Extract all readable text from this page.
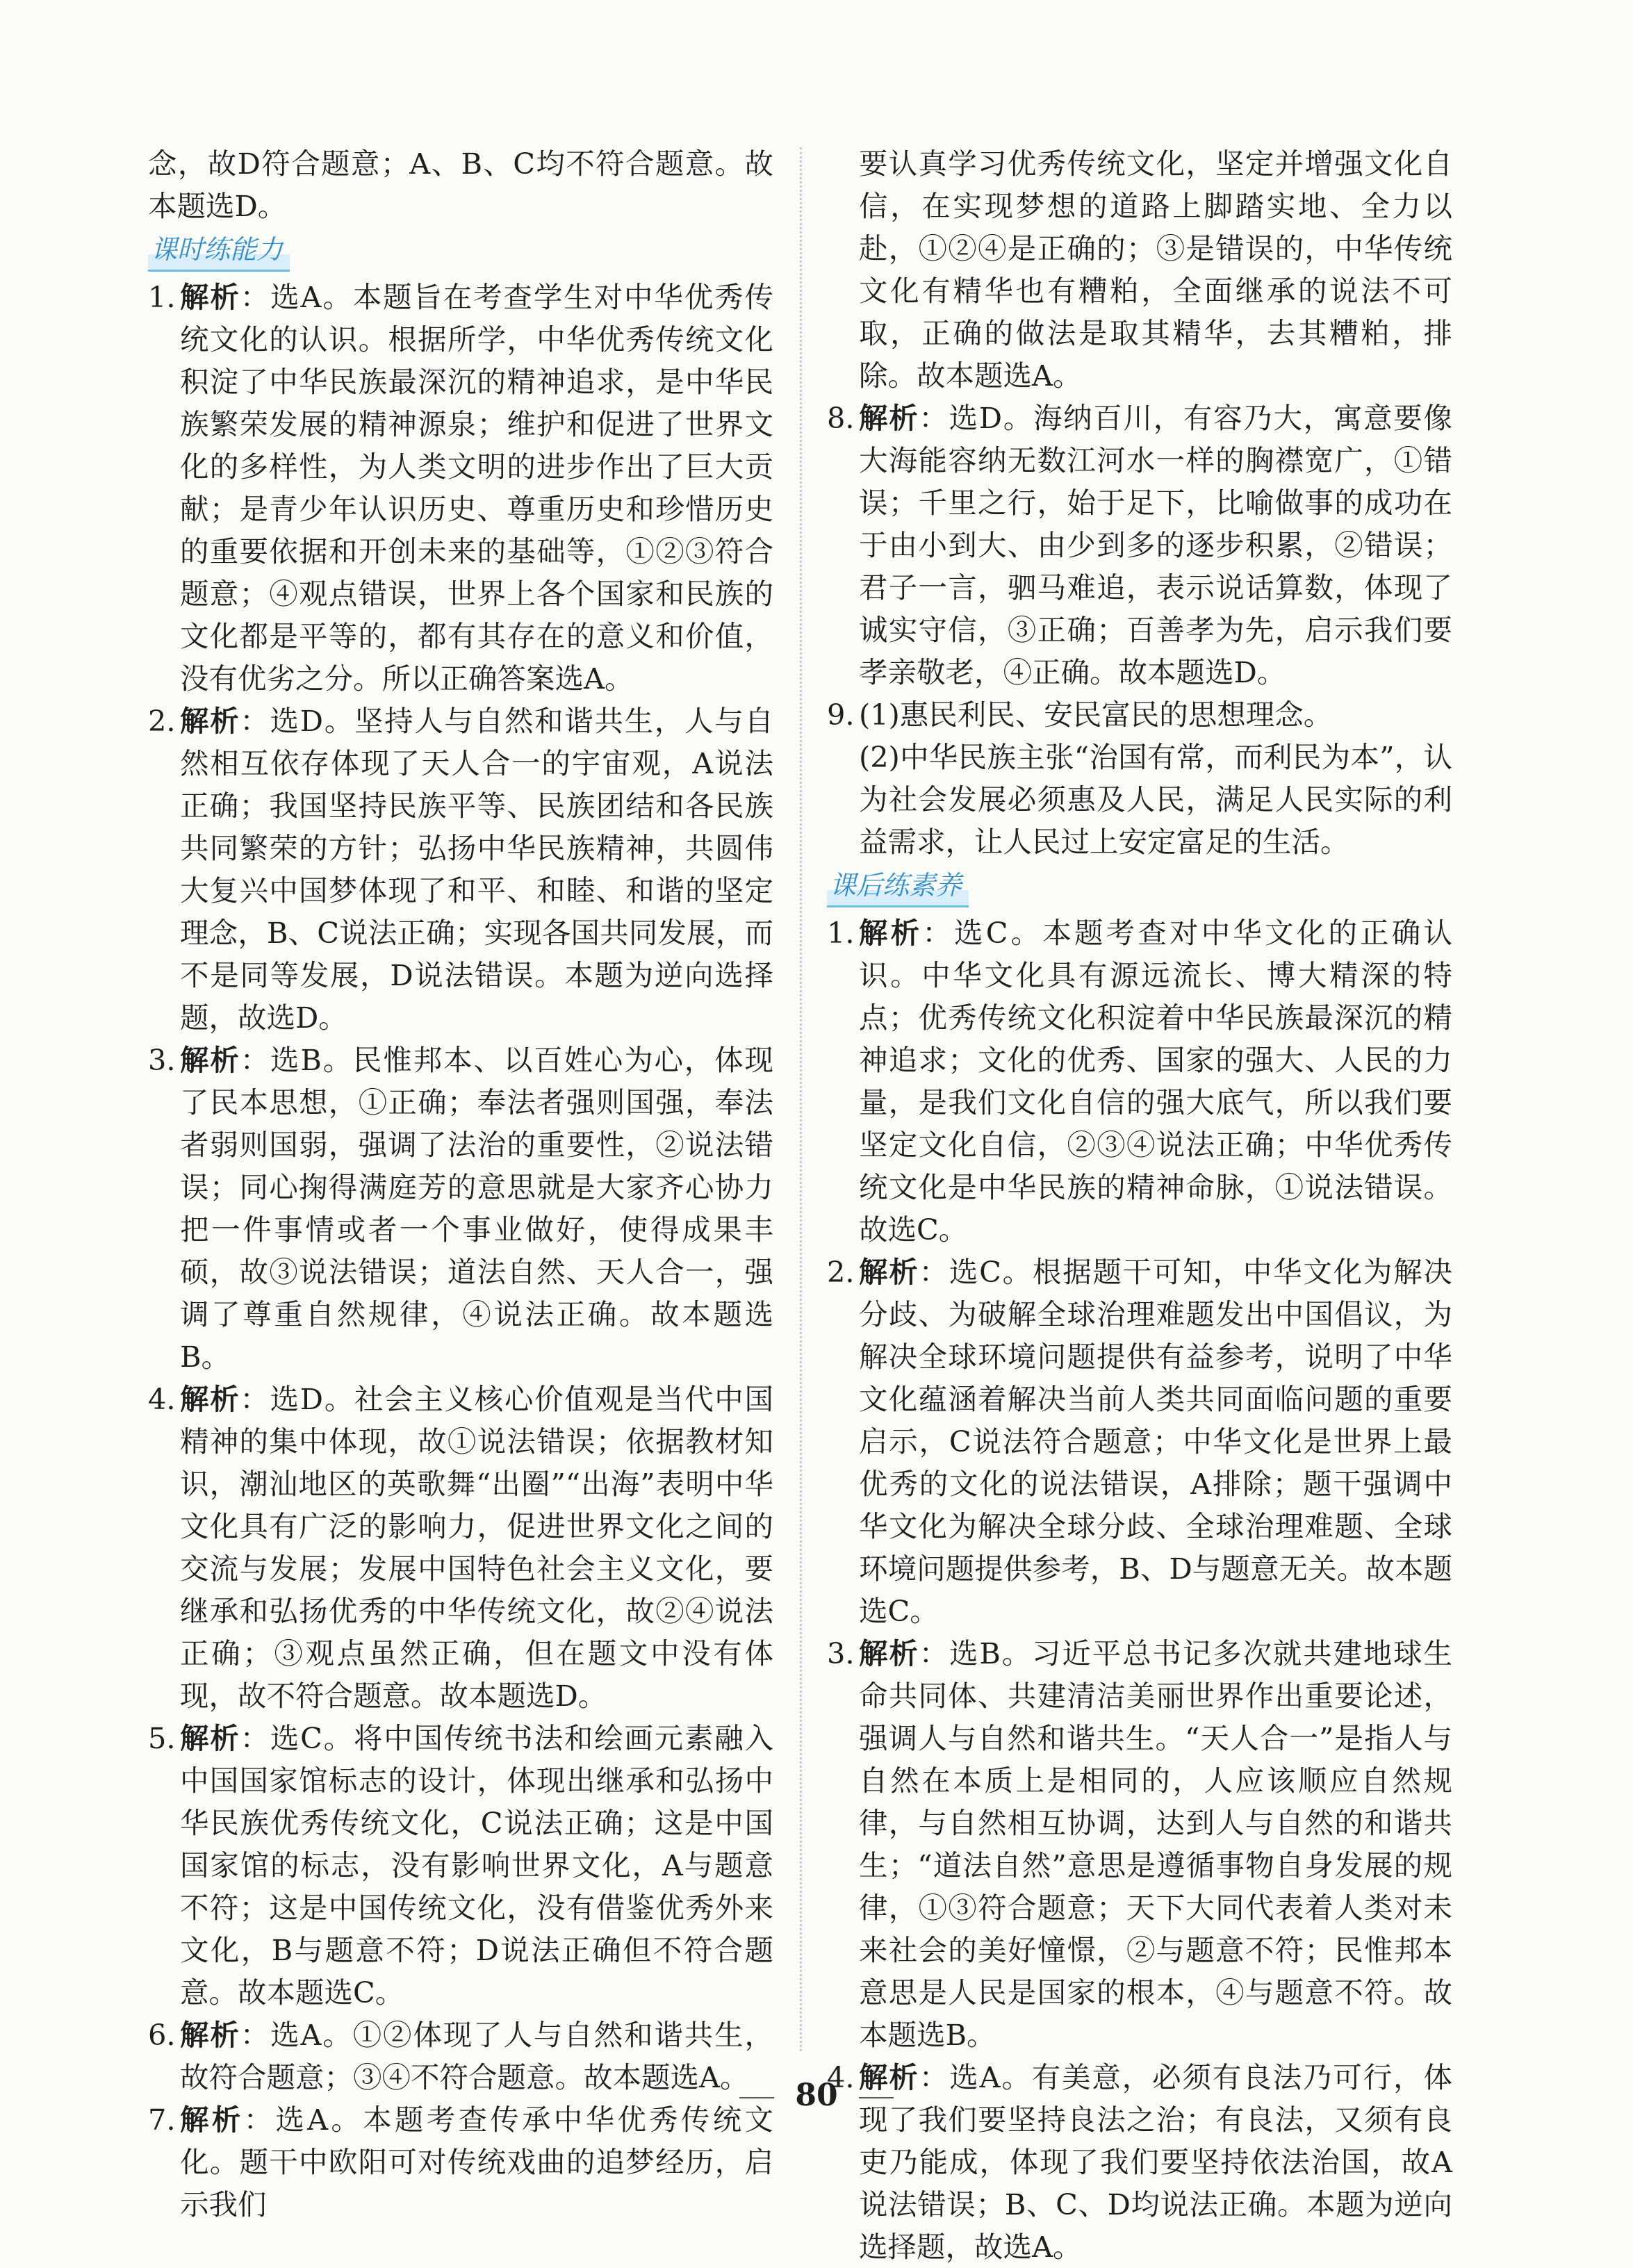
念，故D符合题意；A、B、C均不符合题意。故本题选D。
课时练能力
1. 解析：选A。本题旨在考查学生对中华优秀传统文化的认识。根据所学，中华优秀传统文化积淀了中华民族最深沉的精神追求，是中华民族繁荣发展的精神源泉；维护和促进了世界文化的多样性，为人类文明的进步作出了巨大贡献；是青少年认识历史、尊重历史和珍惜历史的重要依据和开创未来的基础等，①②③符合题意；④观点错误，世界上各个国家和民族的文化都是平等的，都有其存在的意义和价值，没有优劣之分。所以正确答案选A。
2. 解析：选D。坚持人与自然和谐共生，人与自然相互依存体现了天人合一的宇宙观，A说法正确；我国坚持民族平等、民族团结和各民族共同繁荣的方针；弘扬中华民族精神，共圆伟大复兴中国梦体现了和平、和睦、和谐的坚定理念，B、C说法正确；实现各国共同发展，而不是同等发展，D说法错误。本题为逆向选择题，故选D。
3. 解析：选B。民惟邦本、以百姓心为心，体现了民本思想，①正确；奉法者强则国强，奉法者弱则国弱，强调了法治的重要性，②说法错误；同心掬得满庭芳的意思就是大家齐心协力把一件事情或者一个事业做好，使得成果丰硕，故③说法错误；道法自然、天人合一，强调了尊重自然规律，④说法正确。故本题选B。
4. 解析：选D。社会主义核心价值观是当代中国精神的集中体现，故①说法错误；依据教材知识，潮汕地区的英歌舞“出圈”“出海”表明中华文化具有广泛的影响力，促进世界文化之间的交流与发展；发展中国特色社会主义文化，要继承和弘扬优秀的中华传统文化，故②④说法正确；③观点虽然正确，但在题文中没有体现，故不符合题意。故本题选D。
5. 解析：选C。将中国传统书法和绘画元素融入中国国家馆标志的设计，体现出继承和弘扬中华民族优秀传统文化，C说法正确；这是中国国家馆的标志，没有影响世界文化，A与题意不符；这是中国传统文化，没有借鉴优秀外来文化，B与题意不符；D说法正确但不符合题意。故本题选C。
6. 解析：选A。①②体现了人与自然和谐共生，故符合题意；③④不符合题意。故本题选A。
7. 解析：选A。本题考查传承中华优秀传统文化。题干中欧阳可对传统戏曲的追梦经历，启示我们
要认真学习优秀传统文化，坚定并增强文化自信，在实现梦想的道路上脚踏实地、全力以赴，①②④是正确的；③是错误的，中华传统文化有精华也有糟粕，全面继承的说法不可取，正确的做法是取其精华，去其糟粕，排除。故本题选A。
8. 解析：选D。海纳百川，有容乃大，寓意要像大海能容纳无数江河水一样的胸襟宽广，①错误；千里之行，始于足下，比喻做事的成功在于由小到大、由少到多的逐步积累，②错误；君子一言，驷马难追，表示说话算数，体现了诚实守信，③正确；百善孝为先，启示我们要孝亲敬老，④正确。故本题选D。
9. (1)惠民利民、安民富民的思想理念。
(2)中华民族主张“治国有常，而利民为本”，认为社会发展必须惠及人民，满足人民实际的利益需求，让人民过上安定富足的生活。
课后练素养
1. 解析：选C。本题考查对中华文化的正确认识。中华文化具有源远流长、博大精深的特点；优秀传统文化积淀着中华民族最深沉的精神追求；文化的优秀、国家的强大、人民的力量，是我们文化自信的强大底气，所以我们要坚定文化自信，②③④说法正确；中华优秀传统文化是中华民族的精神命脉，①说法错误。故选C。
2. 解析：选C。根据题干可知，中华文化为解决分歧、为破解全球治理难题发出中国倡议，为解决全球环境问题提供有益参考，说明了中华文化蕴涵着解决当前人类共同面临问题的重要启示，C说法符合题意；中华文化是世界上最优秀的文化的说法错误，A排除；题干强调中华文化为解决全球分歧、全球治理难题、全球环境问题提供参考，B、D与题意无关。故本题选C。
3. 解析：选B。习近平总书记多次就共建地球生命共同体、共建清洁美丽世界作出重要论述，强调人与自然和谐共生。“天人合一”是指人与自然在本质上是相同的，人应该顺应自然规律，与自然相互协调，达到人与自然的和谐共生；“道法自然”意思是遵循事物自身发展的规律，①③符合题意；天下大同代表着人类对未来社会的美好憧憬，②与题意不符；民惟邦本意思是人民是国家的根本，④与题意不符。故本题选B。
4. 解析：选A。有美意，必须有良法乃可行，体现了我们要坚持良法之治；有良法，又须有良吏乃能成，体现了我们要坚持依法治国，故A说法错误；B、C、D均说法正确。本题为逆向选择题，故选A。
80
